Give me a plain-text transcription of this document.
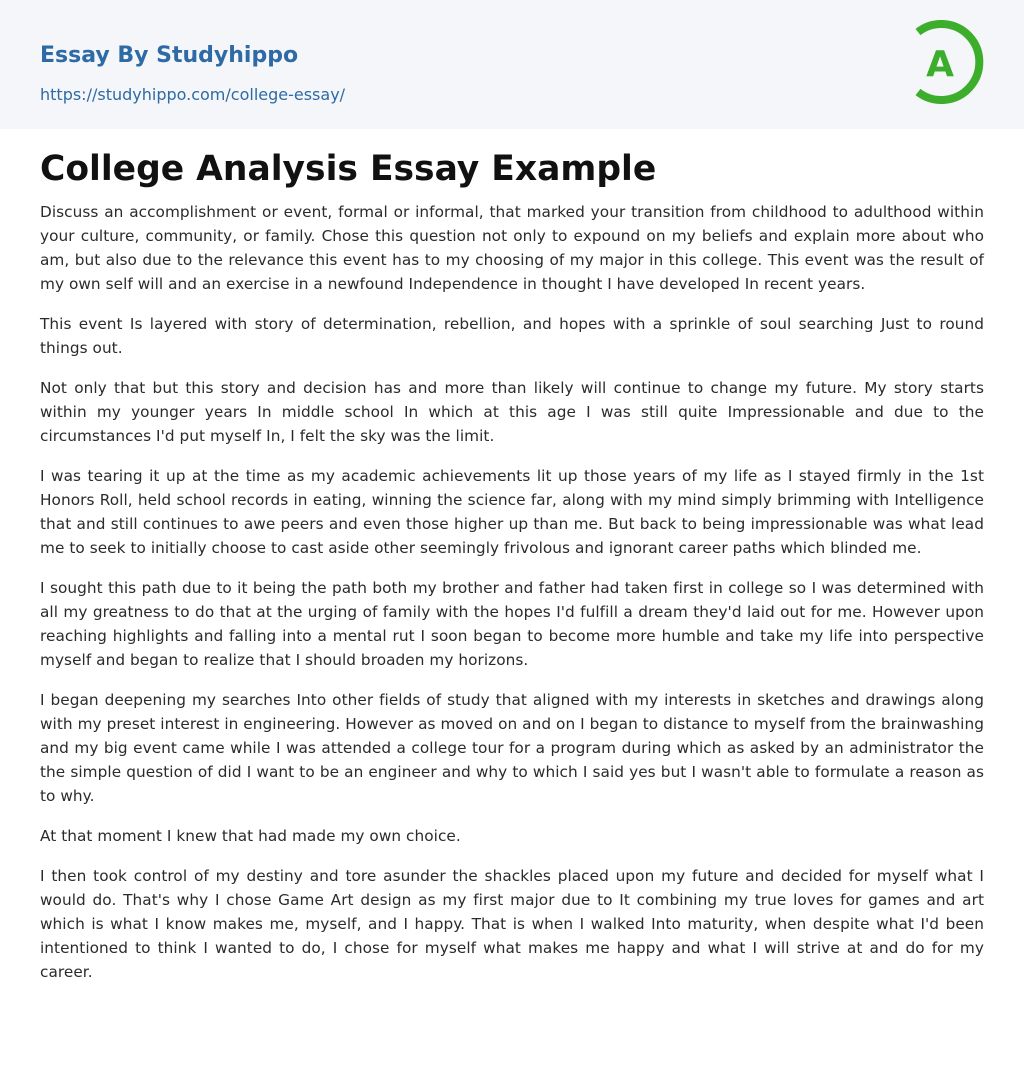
Essay By Studyhippo
https://studyhippo.com/college-essay/
A
College Analysis Essay Example

Discuss an accomplishment or event, formal or informal, that marked your transition from childhood to adulthood within your culture, community, or family. Chose this question not only to expound on my beliefs and explain more about who am, but also due to the relevance this event has to my choosing of my major in this college. This event was the result of my own self will and an exercise in a newfound Independence in thought I have developed In recent years.

This event Is layered with story of determination, rebellion, and hopes with a sprinkle of soul searching Just to round things out.

Not only that but this story and decision has and more than likely will continue to change my future. My story starts within my younger years In middle school In which at this age I was still quite Impressionable and due to the circumstances I'd put myself In, I felt the sky was the limit.

I was tearing it up at the time as my academic achievements lit up those years of my life as I stayed firmly in the 1st Honors Roll, held school records in eating, winning the science far, along with my mind simply brimming with Intelligence that and still continues to awe peers and even those higher up than me. But back to being impressionable was what lead me to seek to initially choose to cast aside other seemingly frivolous and ignorant career paths which blinded me.

I sought this path due to it being the path both my brother and father had taken first in college so I was determined with all my greatness to do that at the urging of family with the hopes I'd fulfill a dream they'd laid out for me. However upon reaching highlights and falling into a mental rut I soon began to become more humble and take my life into perspective myself and began to realize that I should broaden my horizons.

I began deepening my searches Into other fields of study that aligned with my interests in sketches and drawings along with my preset interest in engineering. However as moved on and on I began to distance to myself from the brainwashing and my big event came while I was attended a college tour for a program during which as asked by an administrator the the simple question of did I want to be an engineer and why to which I said yes but I wasn't able to formulate a reason as to why.

At that moment I knew that had made my own choice.

I then took control of my destiny and tore asunder the shackles placed upon my future and decided for myself what I would do. That's why I chose Game Art design as my first major due to It combining my true loves for games and art which is what I know makes me, myself, and I happy. That is when I walked Into maturity, when despite what I'd been intentioned to think I wanted to do, I chose for myself what makes me happy and what I will strive at and do for my career.
